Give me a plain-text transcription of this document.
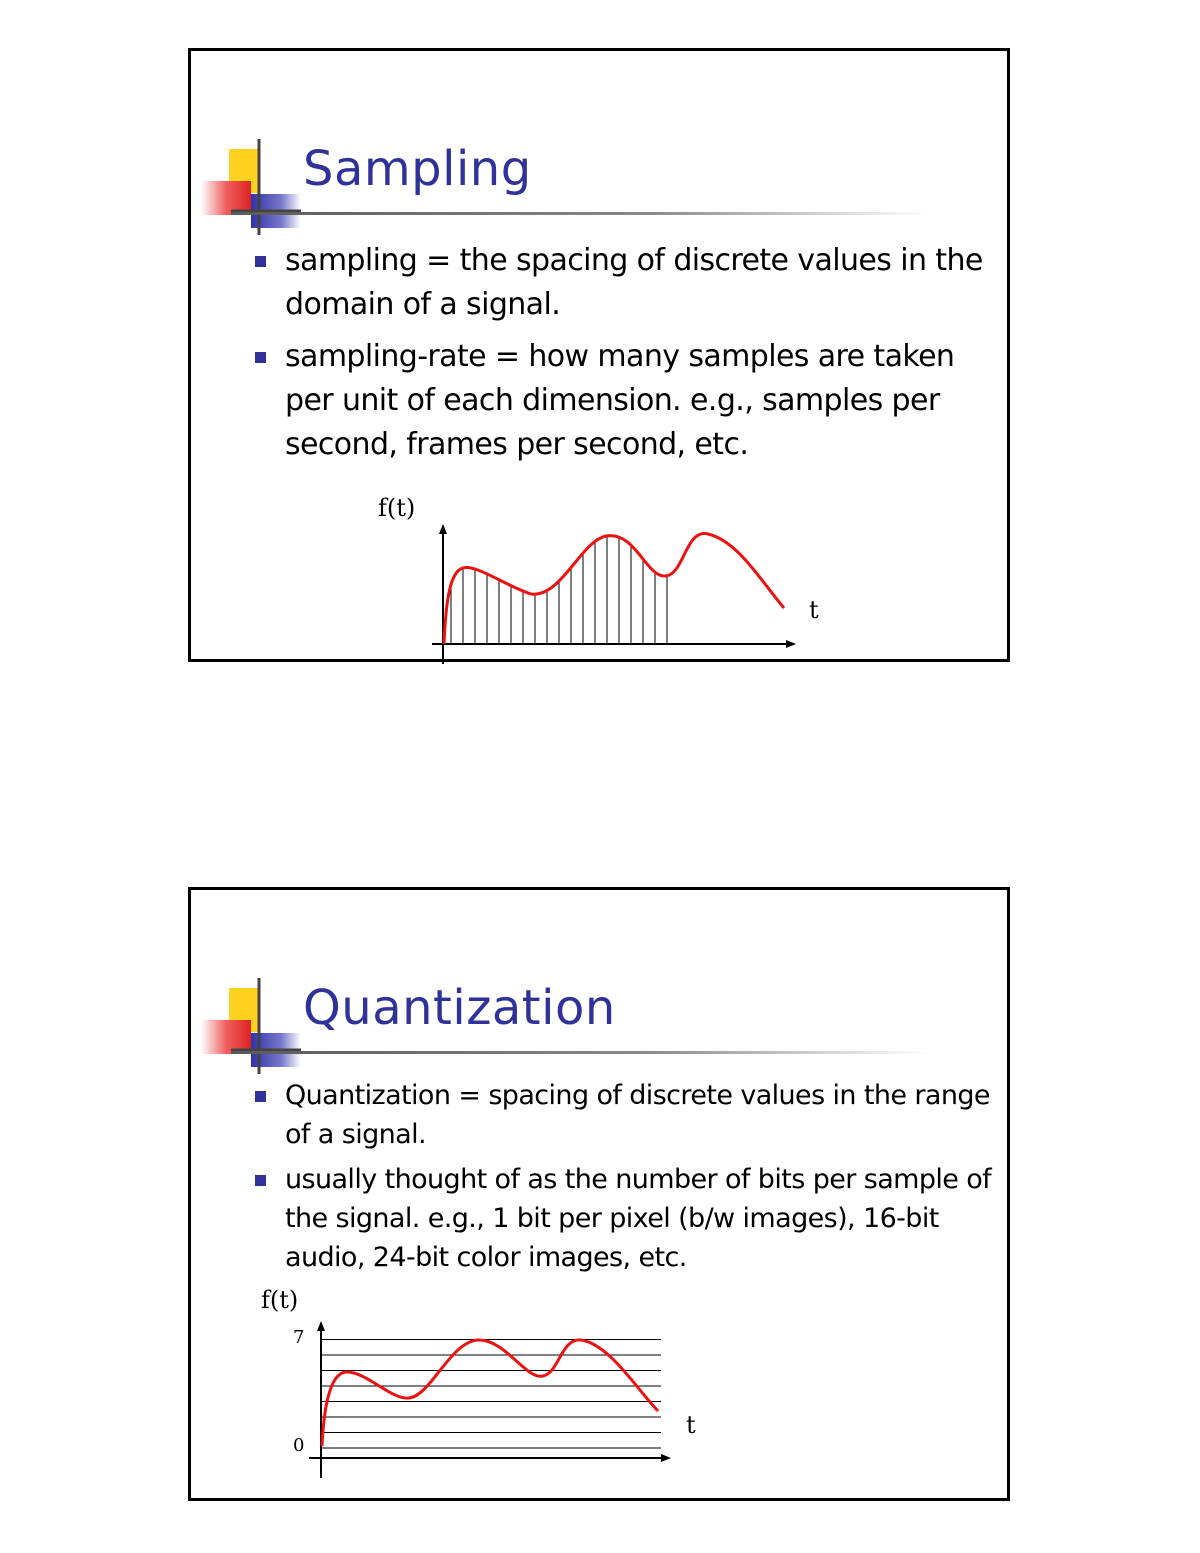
Sampling
sampling = the spacing of discrete values in the domain of a signal.
sampling-rate = how many samples are taken per unit of each dimension. e.g., samples per second, frames per second, etc.
f(t)
t
Quantization
Quantization = spacing of discrete values in the range of a signal.
usually thought of as the number of bits per sample of the signal. e.g., 1 bit per pixel (b/w images), 16-bit audio, 24-bit color images, etc.
f(t)
7
0
t
